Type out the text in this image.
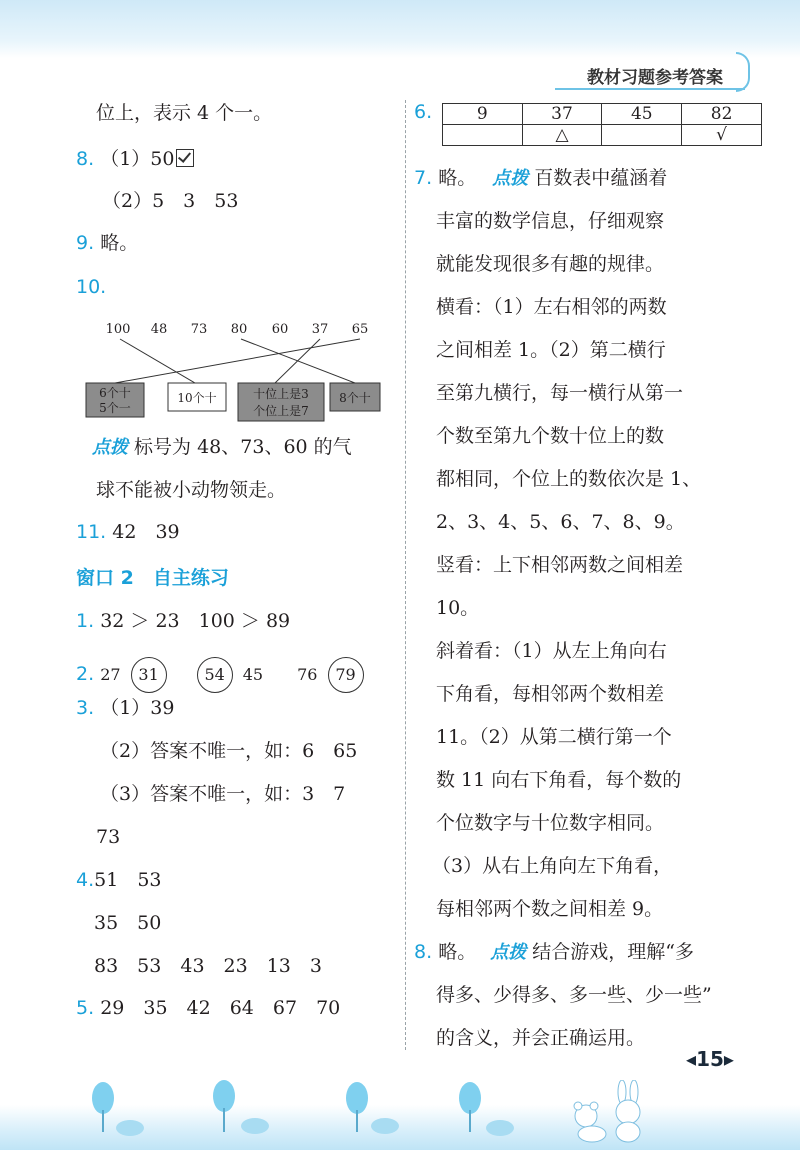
教材习题参考答案
位上，表示 4 个一。
8. （1）50
（2）5　3　53
9. 略。
10.
100 48 73 80 60 37 65
6个十
5个一
10个十	十位上是3
个位上是7
8个十
点拨 标号为 48、73、60 的气
球不能被小动物领走。
11. 42　39
窗口 2　自主练习
1. 32 ＞ 23　100 ＞ 89
2. 27 31	54 45 76 79
3. （1）39
（2）答案不唯一，如：6　65
（3）答案不唯一，如：3　7
73
4.51　53
35　50
83　53　43　23　13　3
5. 29　35　42　64　67　70
6.	9	37	45	82
	△		√
7. 略。 点拨 百数表中蕴涵着
丰富的数学信息，仔细观察
就能发现很多有趣的规律。
横看：（1）左右相邻的两数
之间相差 1。（2）第二横行
至第九横行，每一横行从第一
个数至第九个数十位上的数
都相同，个位上的数依次是 1、
2、3、4、5、6、7、8、9。
竖看：上下相邻两数之间相差
10。
斜着看：（1）从左上角向右
下角看，每相邻两个数相差
11。（2）从第二横行第一个
数 11 向右下角看，每个数的
个位数字与十位数字相同。
（3）从右上角向左下角看，
每相邻两个数之间相差 9。
8. 略。 点拨 结合游戏，理解“多
得多、少得多、多一些、少一些”
的含义，并会正确运用。
◂15▸
